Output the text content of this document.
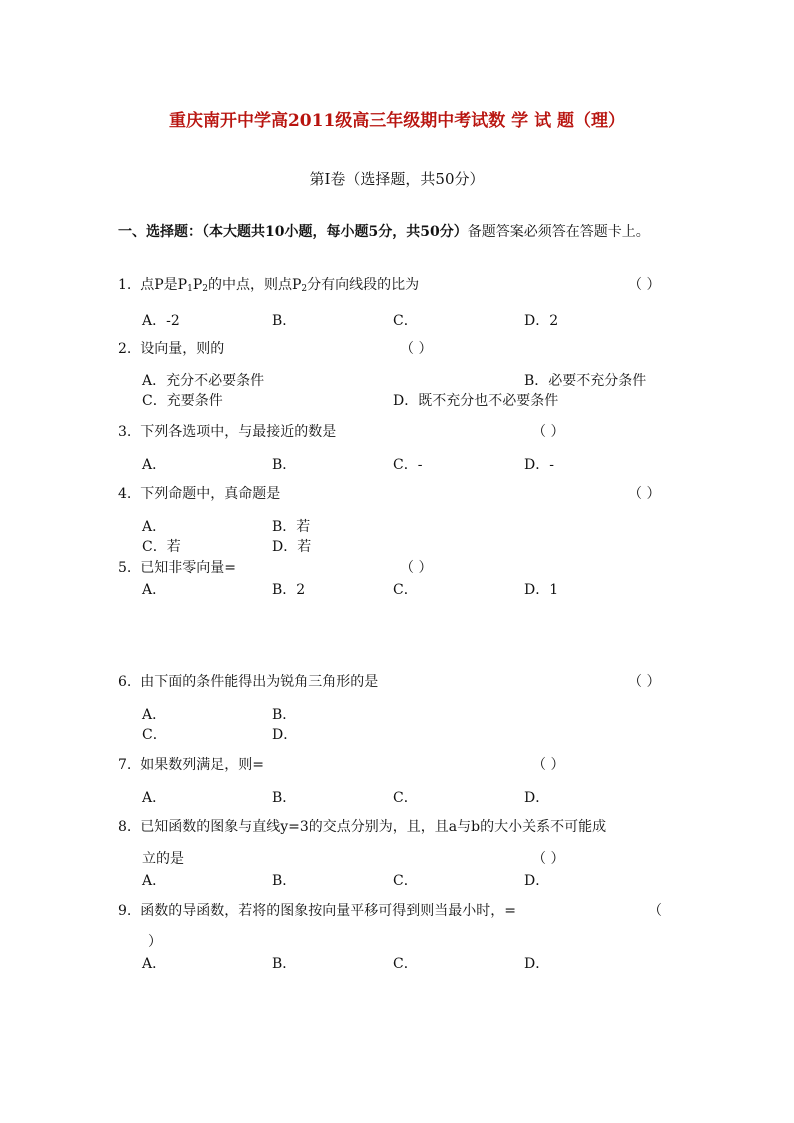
重庆南开中学高2011级高三年级期中考试数 学 试 题（理）
第Ⅰ卷（选择题，共50分）
一、选择题：（本大题共10小题，每小题5分，共50分）备题答案必须答在答题卡上。
1. 点P是$P_1P_2$的中点，则点$P_2$分有向线段的比为	（ ）
A．-2	B．	C．	D．2
2. 设向量，则的	（ ）
A．充分不必要条件	B．必要不充分条件
C．充要条件	D．既不充分也不必要条件
3. 下列各选项中，与最接近的数是	（ ）
A．	B．	C．-	D．-
4. 下列命题中，真命题是	（ ）
A．	B．若
C．若	D．若
5. 已知非零向量=	（ ）
A．	B．2	C．	D．1
6. 由下面的条件能得出为锐角三角形的是	（ ）
A．	B．
C．	D．
7. 如果数列满足，则=	（ ）
A．	B．	C．	D．
8. 已知函数的图象与直线y=3的交点分别为，且，且a与b的大小关系不可能成
立的是	（ ）
A．	B．	C．	D．
9. 函数的导函数，若将的图象按向量平移可得到则当最小时，=	（
）
A．	B．	C．	D．
